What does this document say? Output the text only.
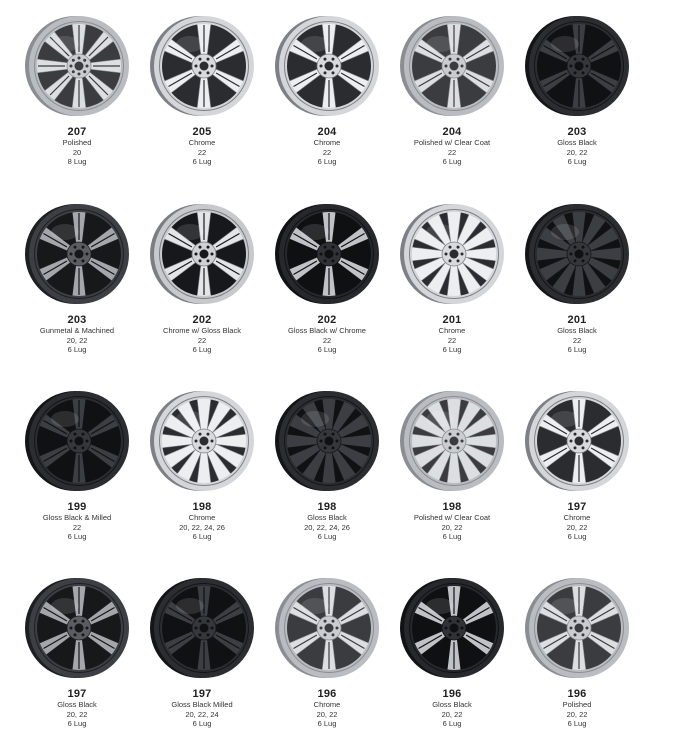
207
Polished
20
8 Lug
205
Chrome
22
6 Lug
204
Chrome
22
6 Lug
204
Polished w/ Clear Coat
22
6 Lug
203
Gloss Black
20, 22
6 Lug
203
Gunmetal & Machined
20, 22
6 Lug
202
Chrome w/ Gloss Black
22
6 Lug
202
Gloss Black w/ Chrome
22
6 Lug
201
Chrome
22
6 Lug
201
Gloss Black
22
6 Lug
199
Gloss Black & Milled
22
6 Lug
198
Chrome
20, 22, 24, 26
6 Lug
198
Gloss Black
20, 22, 24, 26
6 Lug
198
Polished w/ Clear Coat
20, 22
6 Lug
197
Chrome
20, 22
6 Lug
197
Gloss Black
20, 22
6 Lug
197
Gloss Black Milled
20, 22, 24
6 Lug
196
Chrome
20, 22
6 Lug
196
Gloss Black
20, 22
6 Lug
196
Polished
20, 22
6 Lug
